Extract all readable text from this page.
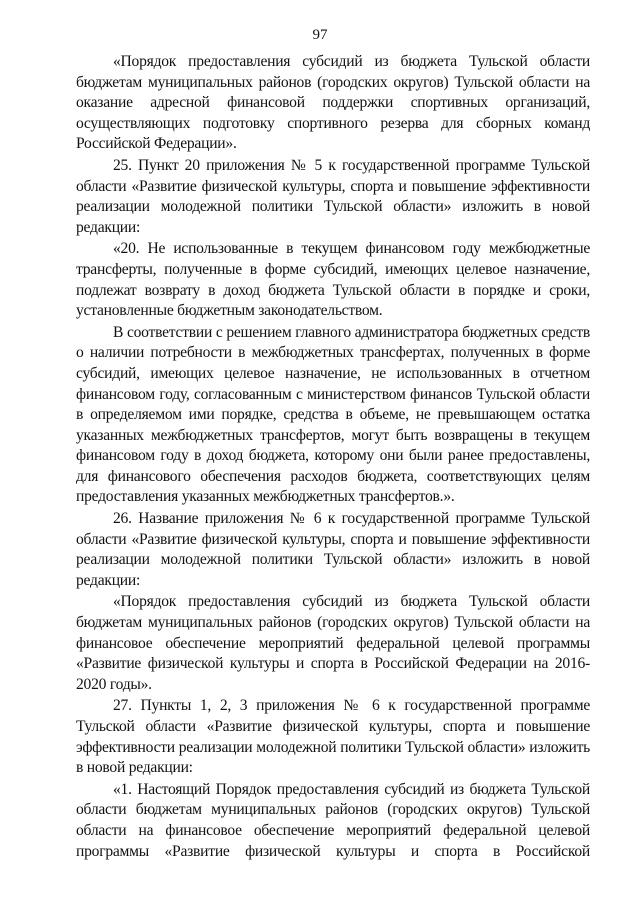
97

«Порядок предоставления субсидий из бюджета Тульской области бюджетам муниципальных районов (городских округов) Тульской области на оказание адресной финансовой поддержки спортивных организаций, осуществляющих подготовку спортивного резерва для сборных команд Российской Федерации».

25. Пункт 20 приложения № 5 к государственной программе Тульской области «Развитие физической культуры, спорта и повышение эффективности реализации молодежной политики Тульской области» изложить в новой редакции:

«20. Не использованные в текущем финансовом году межбюджетные трансферты, полученные в форме субсидий, имеющих целевое назначение, подлежат возврату в доход бюджета Тульской области в порядке и сроки, установленные бюджетным законодательством.

В соответствии с решением главного администратора бюджетных средств о наличии потребности в межбюджетных трансфертах, полученных в форме субсидий, имеющих целевое назначение, не использованных в отчетном финансовом году, согласованным с министерством финансов Тульской области в определяемом ими порядке, средства в объеме, не превышающем остатка указанных межбюджетных трансфертов, могут быть возвращены в текущем финансовом году в доход бюджета, которому они были ранее предоставлены, для финансового обеспечения расходов бюджета, соответствующих целям предоставления указанных межбюджетных трансфертов.».

26. Название приложения № 6 к государственной программе Тульской области «Развитие физической культуры, спорта и повышение эффективности реализации молодежной политики Тульской области» изложить в новой редакции:

«Порядок предоставления субсидий из бюджета Тульской области бюджетам муниципальных районов (городских округов) Тульской области на финансовое обеспечение мероприятий федеральной целевой программы «Развитие физической культуры и спорта в Российской Федерации на 2016-2020 годы».

27. Пункты 1, 2, 3 приложения № 6 к государственной программе Тульской области «Развитие физической культуры, спорта и повышение эффективности реализации молодежной политики Тульской области» изложить в новой редакции:

«1. Настоящий Порядок предоставления субсидий из бюджета Тульской области бюджетам муниципальных районов (городских округов) Тульской области на финансовое обеспечение мероприятий федеральной целевой программы «Развитие физической культуры и спорта в Российской
